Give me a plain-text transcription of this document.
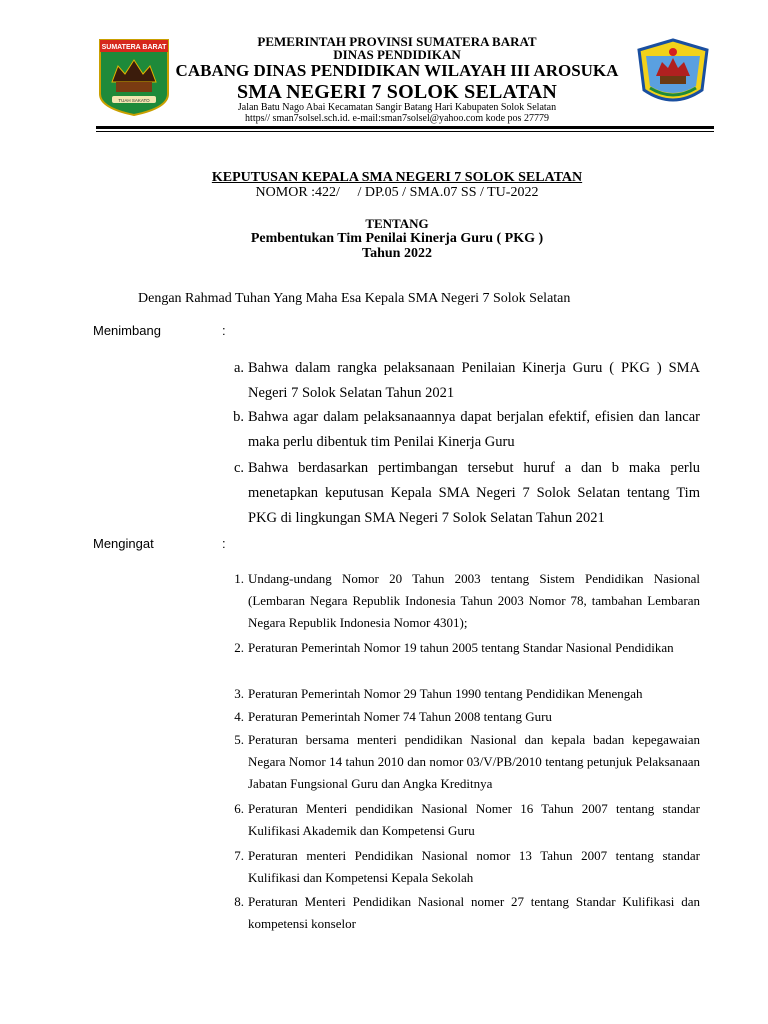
SUMATERA BARAT
TUAH SAKATO
PEMERINTAH PROVINSI SUMATERA BARAT
DINAS PENDIDIKAN
CABANG DINAS PENDIDIKAN WILAYAH III AROSUKA
SMA NEGERI 7 SOLOK SELATAN
Jalan Batu Nago Abai Kecamatan Sangir Batang Hari Kabupaten Solok Selatan
https// sman7solsel.sch.id. e-mail:sman7solsel@yahoo.com kode pos 27779
KEPUTUSAN KEPALA SMA NEGERI 7 SOLOK SELATAN
NOMOR :422/     / DP.05 / SMA.07 SS / TU-2022
TENTANG
Pembentukan Tim Penilai Kinerja Guru ( PKG )
Tahun 2022
Dengan Rahmad Tuhan Yang Maha Esa Kepala SMA Negeri 7 Solok Selatan
Menimbang	:
a. Bahwa dalam rangka pelaksanaan Penilaian Kinerja Guru ( PKG ) SMA Negeri 7 Solok Selatan Tahun 2021
b. Bahwa agar dalam pelaksanaannya dapat berjalan efektif, efisien dan lancar maka perlu dibentuk tim Penilai Kinerja Guru
c. Bahwa berdasarkan pertimbangan tersebut huruf a dan b maka perlu menetapkan keputusan Kepala SMA Negeri 7 Solok Selatan tentang Tim PKG di lingkungan SMA Negeri 7 Solok Selatan Tahun 2021
Mengingat	:
1. Undang-undang Nomor 20 Tahun 2003 tentang Sistem Pendidikan Nasional (Lembaran Negara Republik Indonesia Tahun 2003 Nomor 78, tambahan Lembaran Negara Republik Indonesia Nomor 4301);
2. Peraturan Pemerintah Nomor 19 tahun 2005 tentang Standar Nasional Pendidikan
3. Peraturan Pemerintah Nomor 29 Tahun 1990 tentang Pendidikan Menengah
4. Peraturan Pemerintah Nomer 74 Tahun 2008 tentang Guru
5. Peraturan bersama menteri pendidikan Nasional dan kepala badan kepegawaian Negara Nomor 14 tahun 2010 dan nomor 03/V/PB/2010 tentang petunjuk Pelaksanaan Jabatan Fungsional Guru dan Angka Kreditnya
6. Peraturan Menteri pendidikan Nasional Nomer 16 Tahun 2007 tentang standar Kulifikasi Akademik dan Kompetensi Guru
7. Peraturan menteri Pendidikan Nasional nomor 13 Tahun 2007 tentang standar Kulifikasi dan Kompetensi Kepala Sekolah
8. Peraturan Menteri Pendidikan Nasional nomer 27 tentang Standar Kulifikasi dan kompetensi konselor
